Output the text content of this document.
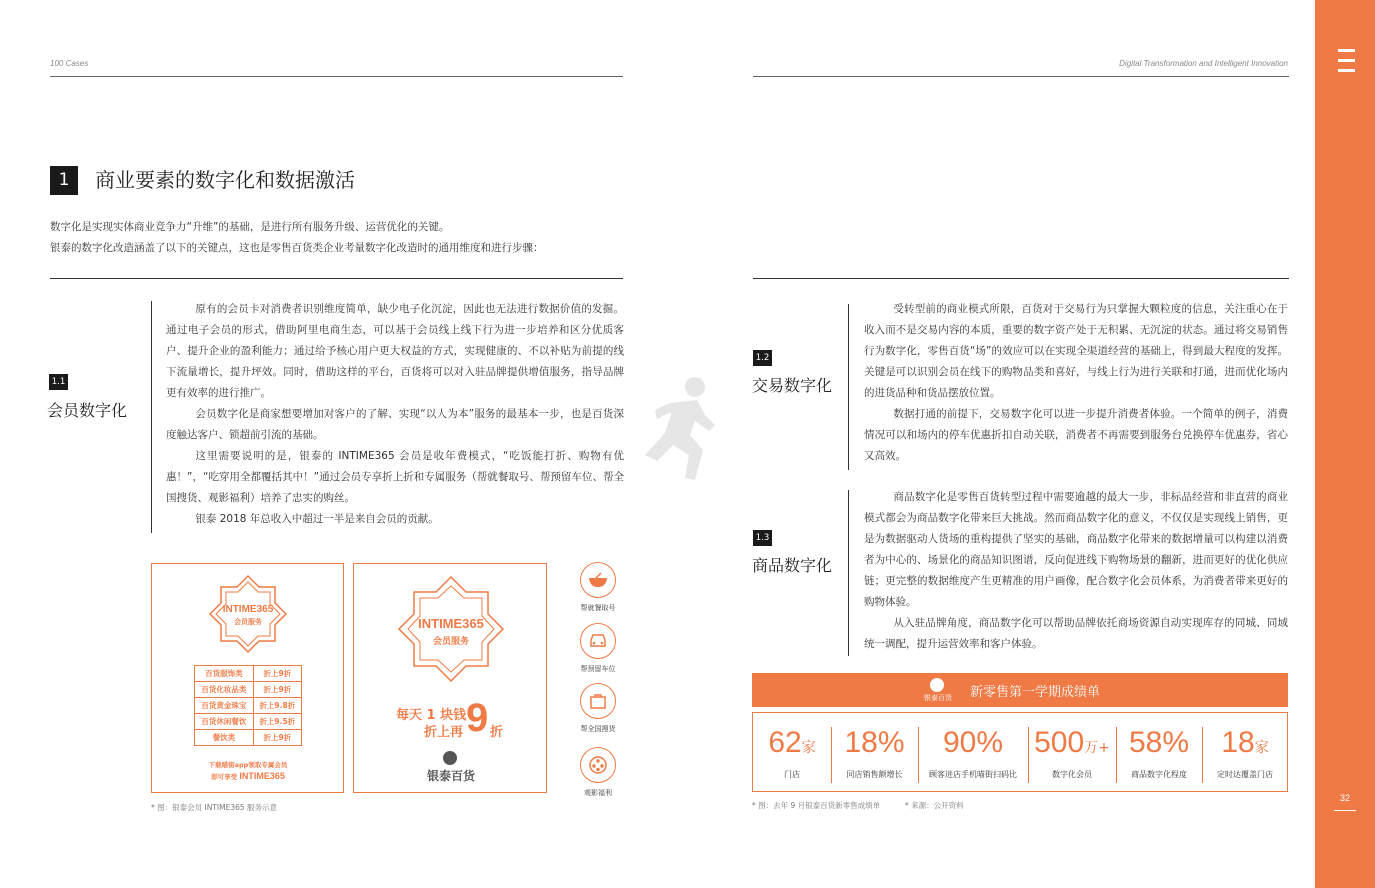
100 Cases	Digital Transformation and Intelligent Innovation
32
1	商业要素的数字化和数据激活
数字化是实现实体商业竞争力“升维”的基础，是进行所有服务升级、运营优化的关键。
银泰的数字化改造涵盖了以下的关键点，这也是零售百货类企业考量数字化改造时的通用维度和进行步骤：
1.1
会员数字化

原有的会员卡对消费者识别维度简单，缺少电子化沉淀，因此也无法进行数据价值的发掘。通过电子会员的形式，借助阿里电商生态，可以基于会员线上线下行为进一步培养和区分优质客户、提升企业的盈利能力；通过给予核心用户更大权益的方式，实现健康的、不以补贴为前提的线下流量增长，提升坪效。同时，借助这样的平台，百货将可以对入驻品牌提供增值服务，指导品牌更有效率的进行推广。

会员数字化是商家想要增加对客户的了解、实现“以人为本”服务的最基本一步，也是百货深度触达客户、锁超前引流的基础。

这里需要说明的是，银泰的 INTIME365 会员是收年费模式，“吃饭能打折、购物有优惠！”，“吃穿用全都覆括其中！”通过会员专享折上折和专属服务（帮就餐取号、帮预留车位、帮全国搜货、观影福利）培养了忠实的购丝。

银泰 2018 年总收入中超过一半是来自会员的贡献。

INTIME365
会员服务
百货服饰类	折上9折
百货化妆品类	折上9折
百货黄金珠宝	折上9.8折
百货休闲餐饮	折上9.5折
餐饮类	折上9折
下载喵街app领取专属会员
即可享受 INTIME365
INTIME365
会员服务
每天 1 块钱
折上再 9 折
银泰百货
帮就餐取号
帮预留车位
帮全国搜货
观影福利
* 图：银泰会员 INTIME365 服务示意
1.2
交易数字化

受转型前的商业模式所限，百货对于交易行为只掌握大颗粒度的信息，关注重心在于收入而不是交易内容的本质，重要的数字资产处于无积累、无沉淀的状态。通过将交易销售行为数字化，零售百货“场”的效应可以在实现全渠道经营的基础上，得到最大程度的发挥。关键是可以识别会员在线下的购物品类和喜好，与线上行为进行关联和打通，进而优化场内的进货品种和货品摆放位置。

数据打通的前提下，交易数字化可以进一步提升消费者体验。一个简单的例子，消费情况可以和场内的停车优惠折扣自动关联，消费者不再需要到服务台兑换停车优惠券，省心又高效。

1.3
商品数字化

商品数字化是零售百货转型过程中需要逾越的最大一步，非标品经营和非直营的商业模式都会为商品数字化带来巨大挑战。然而商品数字化的意义，不仅仅是实现线上销售，更是为数据驱动人货场的重构提供了坚实的基础，商品数字化带来的数据增量可以构建以消费者为中心的、场景化的商品知识图谱，反向促进线下购物场景的翻新，进而更好的优化供应链；更完整的数据维度产生更精准的用户画像，配合数字化会员体系，为消费者带来更好的购物体验。

从入驻品牌角度，商品数字化可以帮助品牌依托商场资源自动实现库存的同城、同域统一调配，提升运营效率和客户体验。

银泰百货	新零售第一学期成绩单
62家
门店
18%
同店销售额增长
90%
顾客进店手机喵街扫码比
500万+
数字化会员
58%
商品数字化程度
18家
定时达覆盖门店
* 图：去年 9 月银泰百货新零售成绩单	* 来源：公开资料
